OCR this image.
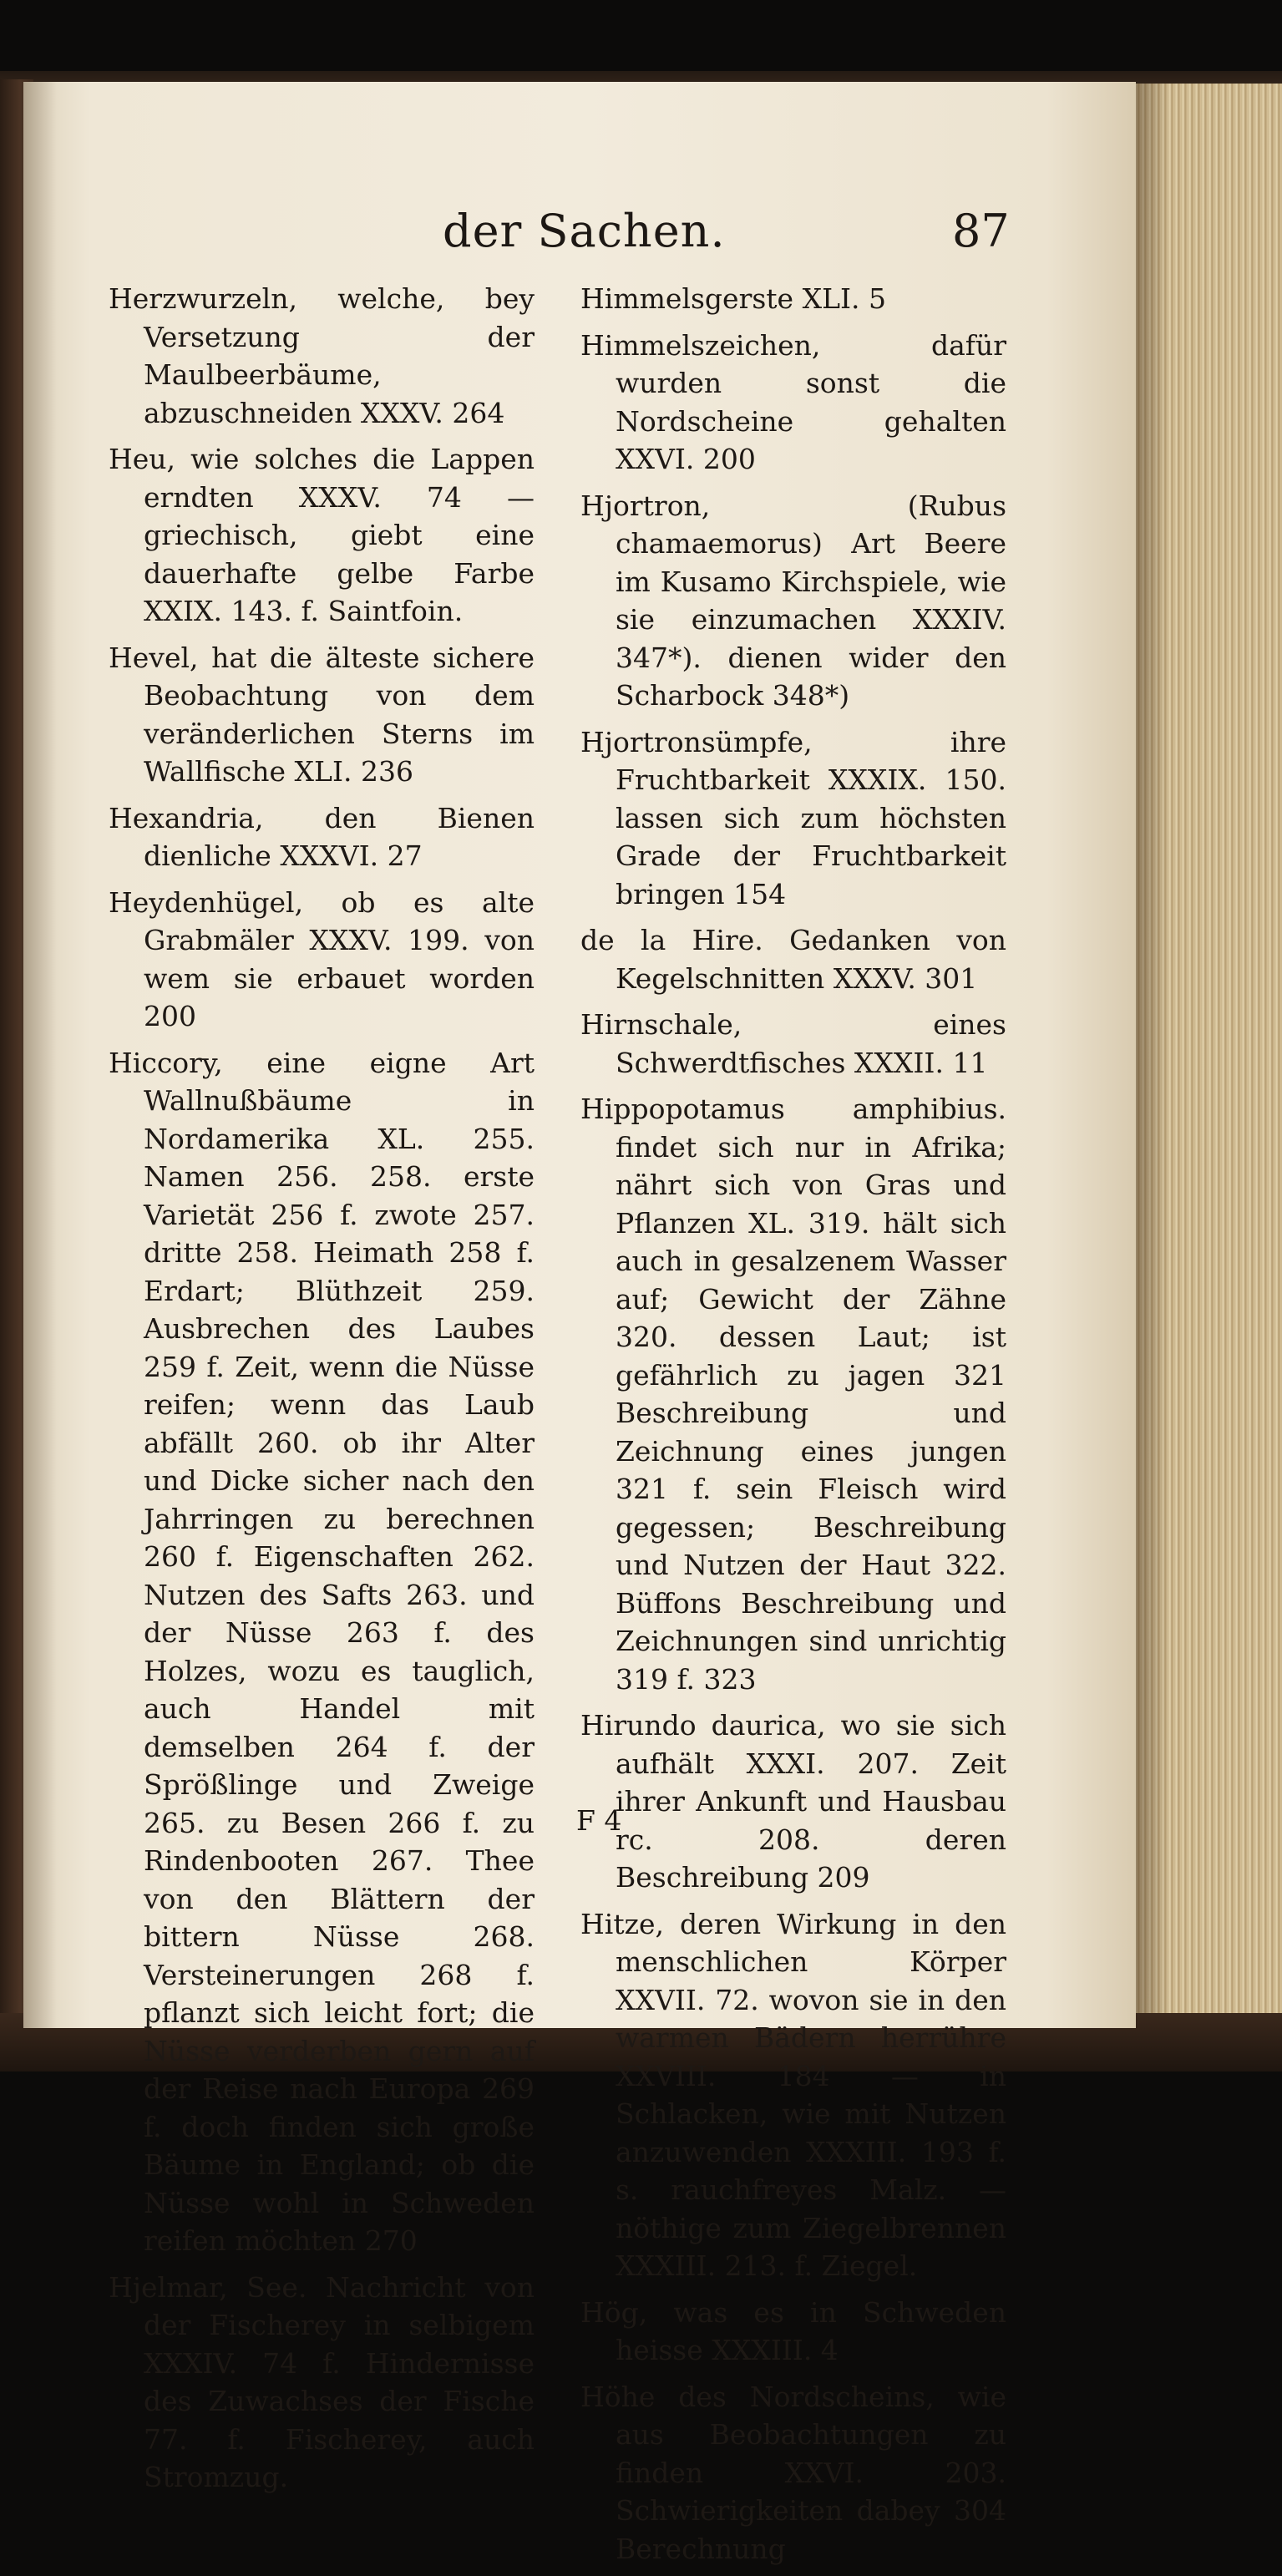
der Sachen.	87

Herzwurzeln, welche, bey Versetzung der Maulbeerbäume, abzuschneiden XXXV. 264

Heu, wie solches die Lappen erndten XXXV. 74 — griechisch, giebt eine dauerhafte gelbe Farbe XXIX. 143. f. Saintfoin.

Hevel, hat die älteste sichere Beobachtung von dem veränderlichen Sterns im Wallfische XLI. 236

Hexandria, den Bienen dienliche XXXVI. 27

Heydenhügel, ob es alte Grabmäler XXXV. 199. von wem sie erbauet worden 200

Hiccory, eine eigne Art Wallnußbäume in Nordamerika XL. 255. Namen 256. 258. erste Varietät 256 f. zwote 257. dritte 258. Heimath 258 f. Erdart; Blüthzeit 259. Ausbrechen des Laubes 259 f. Zeit, wenn die Nüsse reifen; wenn das Laub abfällt 260. ob ihr Alter und Dicke sicher nach den Jahrringen zu berechnen 260 f. Eigenschaften 262. Nutzen des Safts 263. und der Nüsse 263 f. des Holzes, wozu es tauglich, auch Handel mit demselben 264 f. der Sprößlinge und Zweige 265. zu Besen 266 f. zu Rindenbooten 267. Thee von den Blättern der bittern Nüsse 268. Versteinerungen 268 f. pflanzt sich leicht fort; die Nüsse verderben gern auf der Reise nach Europa 269 f. doch finden sich große Bäume in England; ob die Nüsse wohl in Schweden reifen möchten 270

Hjelmar, See. Nachricht von der Fischerey in selbigem XXXIV. 74 f. Hindernisse des Zuwachses der Fische 77. f. Fischerey, auch Stromzug.

Himmelsgerste XLI. 5

Himmelszeichen, dafür wurden sonst die Nordscheine gehalten XXVI. 200

Hjortron, (Rubus chamaemorus) Art Beere im Kusamo Kirchspiele, wie sie einzumachen XXXIV. 347*). dienen wider den Scharbock 348*)

Hjortronsümpfe, ihre Fruchtbarkeit XXXIX. 150. lassen sich zum höchsten Grade der Fruchtbarkeit bringen 154

de la Hire. Gedanken von Kegelschnitten XXXV. 301

Hirnschale, eines Schwerdtfisches XXXII. 11

Hippopotamus amphibius. findet sich nur in Afrika; nährt sich von Gras und Pflanzen XL. 319. hält sich auch in gesalzenem Wasser auf; Gewicht der Zähne 320. dessen Laut; ist gefährlich zu jagen 321 Beschreibung und Zeichnung eines jungen 321 f. sein Fleisch wird gegessen; Beschreibung und Nutzen der Haut 322. Büffons Beschreibung und Zeichnungen sind unrichtig 319 f. 323

Hirundo daurica, wo sie sich aufhält XXXI. 207. Zeit ihrer Ankunft und Hausbau rc. 208. deren Beschreibung 209

Hitze, deren Wirkung in den menschlichen Körper XXVII. 72. wovon sie in den warmen Bädern herrühre XXVIII. 184 — in Schlacken, wie mit Nutzen anzuwenden XXXIII. 193 f. s. rauchfreyes Malz. — nöthige zum Ziegelbrennen XXXIII. 213. f. Ziegel.

Hög, was es in Schweden heisse XXXIII. 4

Höhe des Nordscheins, wie aus Beobachtungen zu finden XXVI. 203. Schwierigkeiten dabey 304 Berechnung

F 4
